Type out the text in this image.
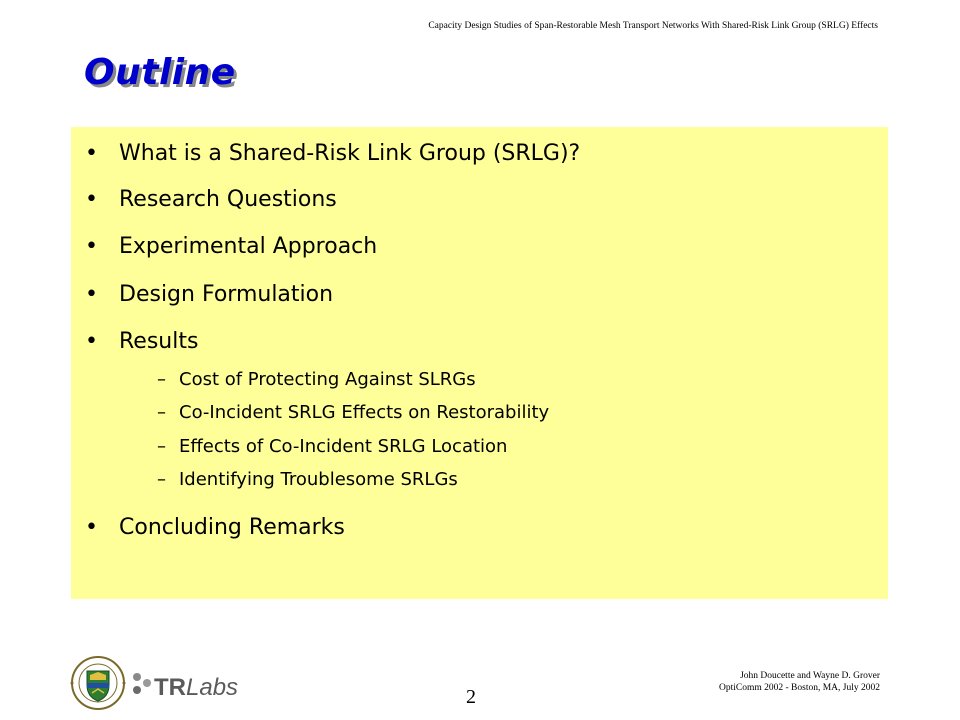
Capacity Design Studies of Span-Restorable Mesh Transport Networks With Shared-Risk Link Group (SRLG) Effects
Outline
• What is a Shared-Risk Link Group (SRLG)?
• Research Questions
• Experimental Approach
• Design Formulation
• Results
– Cost of Protecting Against SLRGs
– Co-Incident SRLG Effects on Restorability
– Effects of Co-Incident SRLG Location
– Identifying Troublesome SRLGs
• Concluding Remarks
TRLabs	2
John Doucette and Wayne D. Grover
OptiComm 2002 - Boston, MA, July 2002
